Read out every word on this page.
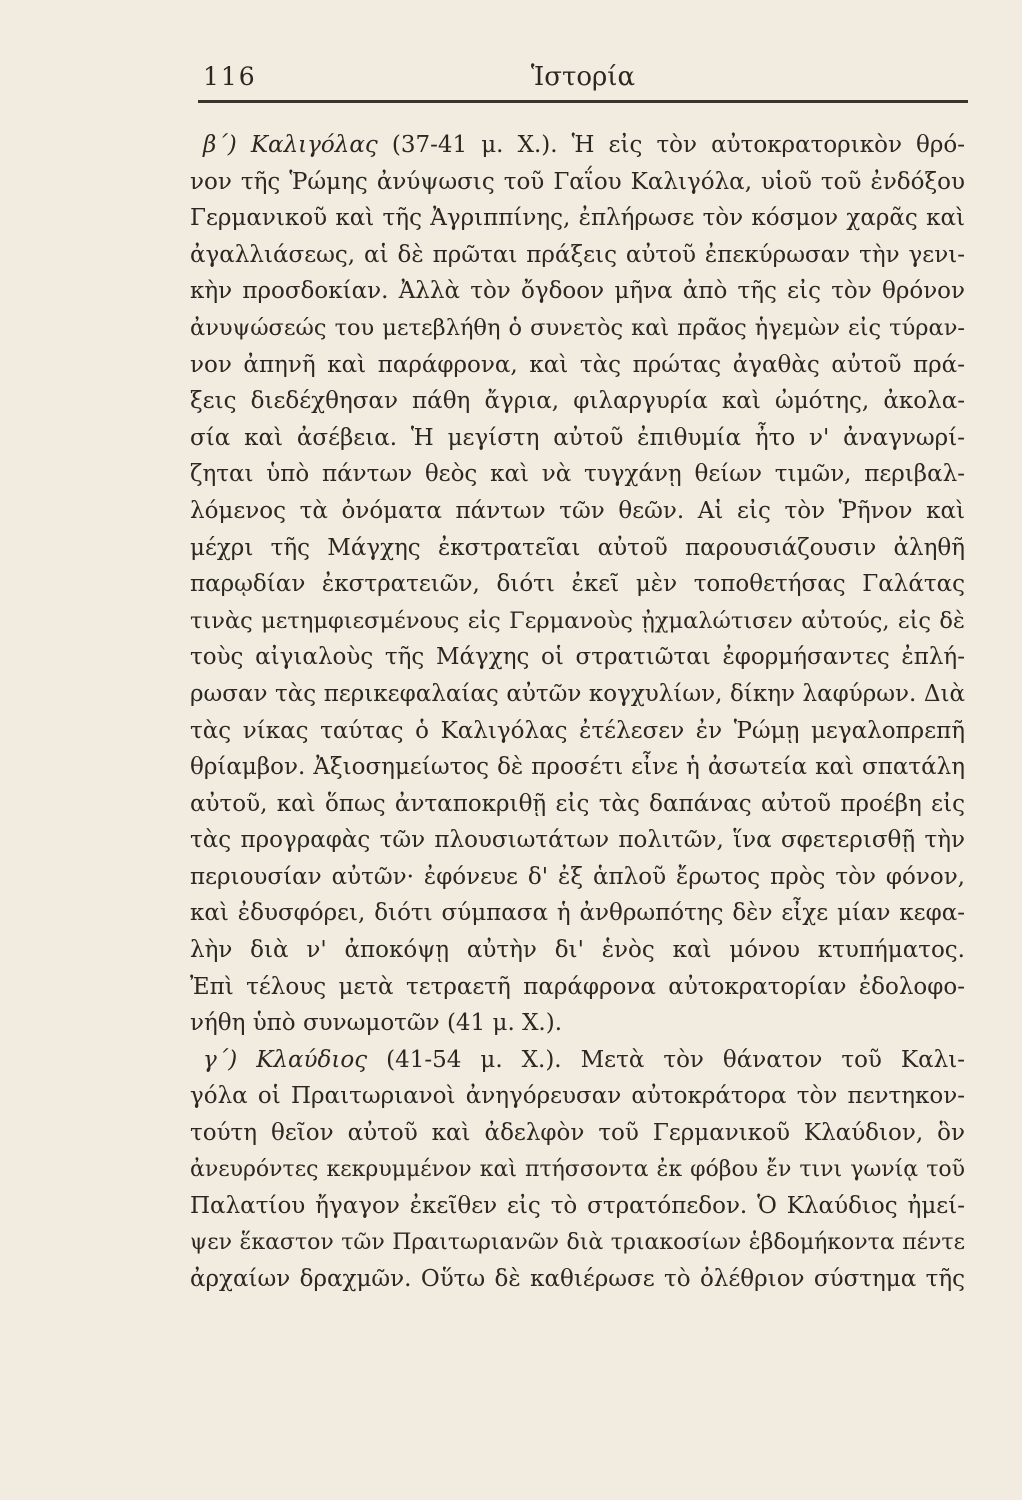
116	Ἱστορία
β΄) Καλιγόλας (37-41 μ. Χ.). Ἡ εἰς τὸν αὐτοκρατορικὸν θρό-
νον τῆς Ῥώμης ἀνύψωσις τοῦ Γαΐου Καλιγόλα, υἱοῦ τοῦ ἐνδόξου
Γερμανικοῦ καὶ τῆς Ἀγριππίνης, ἐπλήρωσε τὸν κόσμον χαρᾶς καὶ
ἀγαλλιάσεως, αἱ δὲ πρῶται πράξεις αὐτοῦ ἐπεκύρωσαν τὴν γενι-
κὴν προσδοκίαν. Ἀλλὰ τὸν ὄγδοον μῆνα ἀπὸ τῆς εἰς τὸν θρόνον
ἀνυψώσεώς του μετεβλήθη ὁ συνετὸς καὶ πρᾶος ἡγεμὼν εἰς τύραν-
νον ἀπηνῆ καὶ παράφρονα, καὶ τὰς πρώτας ἀγαθὰς αὐτοῦ πρά-
ξεις διεδέχθησαν πάθη ἄγρια, φιλαργυρία καὶ ὠμότης, ἀκολα-
σία καὶ ἀσέβεια. Ἡ μεγίστη αὐτοῦ ἐπιθυμία ἦτο ν' ἀναγνωρί-
ζηται ὑπὸ πάντων θεὸς καὶ νὰ τυγχάνῃ θείων τιμῶν, περιβαλ-
λόμενος τὰ ὀνόματα πάντων τῶν θεῶν. Αἱ εἰς τὸν Ῥῆνον καὶ
μέχρι τῆς Μάγχης ἐκστρατεῖαι αὐτοῦ παρουσιάζουσιν ἀληθῆ
παρῳδίαν ἐκστρατειῶν, διότι ἐκεῖ μὲν τοποθετήσας Γαλάτας
τινὰς μετημφιεσμένους εἰς Γερμανοὺς ᾐχμαλώτισεν αὐτούς, εἰς δὲ
τοὺς αἰγιαλοὺς τῆς Μάγχης οἱ στρατιῶται ἐφορμήσαντες ἐπλή-
ρωσαν τὰς περικεφαλαίας αὐτῶν κογχυλίων, δίκην λαφύρων. Διὰ
τὰς νίκας ταύτας ὁ Καλιγόλας ἐτέλεσεν ἐν Ῥώμῃ μεγαλοπρεπῆ
θρίαμβον. Ἀξιοσημείωτος δὲ προσέτι εἶνε ἡ ἀσωτεία καὶ σπατάλη
αὐτοῦ, καὶ ὅπως ἀνταποκριθῇ εἰς τὰς δαπάνας αὐτοῦ προέβη εἰς
τὰς προγραφὰς τῶν πλουσιωτάτων πολιτῶν, ἵνα σφετερισθῇ τὴν
περιουσίαν αὐτῶν· ἐφόνευε δ' ἐξ ἁπλοῦ ἔρωτος πρὸς τὸν φόνον,
καὶ ἐδυσφόρει, διότι σύμπασα ἡ ἀνθρωπότης δὲν εἶχε μίαν κεφα-
λὴν διὰ ν' ἀποκόψῃ αὐτὴν δι' ἑνὸς καὶ μόνου κτυπήματος.
Ἐπὶ τέλους μετὰ τετραετῆ παράφρονα αὐτοκρατορίαν ἐδολοφο-
νήθη ὑπὸ συνωμοτῶν (41 μ. Χ.).
γ΄) Κλαύδιος (41-54 μ. Χ.). Μετὰ τὸν θάνατον τοῦ Καλι-
γόλα οἱ Πραιτωριανοὶ ἀνηγόρευσαν αὐτοκράτορα τὸν πεντηκον-
τούτη θεῖον αὐτοῦ καὶ ἀδελφὸν τοῦ Γερμανικοῦ Κλαύδιον, ὃν
ἀνευρόντες κεκρυμμένον καὶ πτήσσοντα ἐκ φόβου ἔν τινι γωνίᾳ τοῦ
Παλατίου ἤγαγον ἐκεῖθεν εἰς τὸ στρατόπεδον. Ὁ Κλαύδιος ἠμεί-
ψεν ἕκαστον τῶν Πραιτωριανῶν διὰ τριακοσίων ἑβδομήκοντα πέντε
ἀρχαίων δραχμῶν. Οὕτω δὲ καθιέρωσε τὸ ὀλέθριον σύστημα τῆς
